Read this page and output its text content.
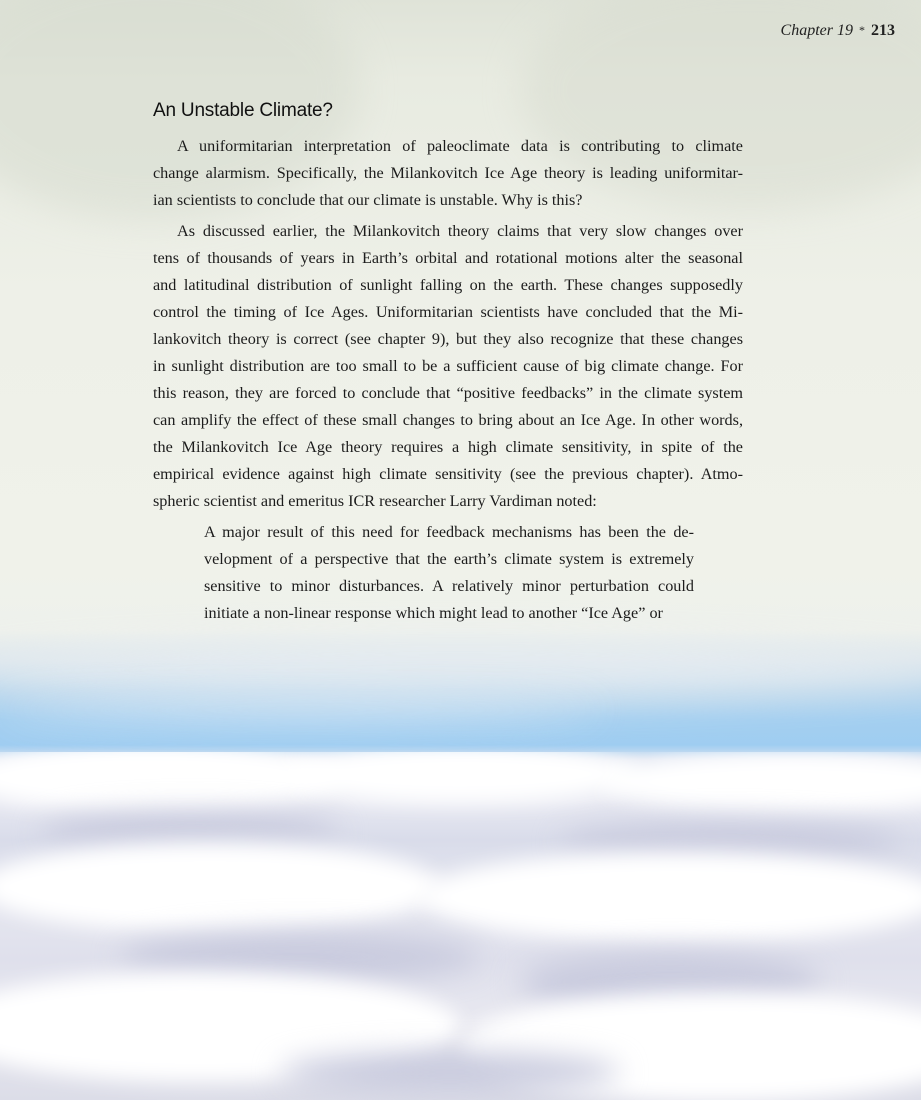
Chapter 19 * 213
An Unstable Climate?

A uniformitarian interpretation of paleoclimate data is contributing to climate
change alarmism. Specifically, the Milankovitch Ice Age theory is leading uniformitar-
ian scientists to conclude that our climate is unstable. Why is this?

As discussed earlier, the Milankovitch theory claims that very slow changes over
tens of thousands of years in Earth’s orbital and rotational motions alter the seasonal
and latitudinal distribution of sunlight falling on the earth. These changes supposedly
control the timing of Ice Ages. Uniformitarian scientists have concluded that the Mi-
lankovitch theory is correct (see chapter 9), but they also recognize that these changes
in sunlight distribution are too small to be a sufficient cause of big climate change. For
this reason, they are forced to conclude that “positive feedbacks” in the climate system
can amplify the effect of these small changes to bring about an Ice Age. In other words,
the Milankovitch Ice Age theory requires a high climate sensitivity, in spite of the
empirical evidence against high climate sensitivity (see the previous chapter). Atmo-
spheric scientist and emeritus ICR researcher Larry Vardiman noted:

A major result of this need for feedback mechanisms has been the de-
velopment of a perspective that the earth’s climate system is extremely
sensitive to minor disturbances. A relatively minor perturbation could
initiate a non-linear response which might lead to another “Ice Age” or
